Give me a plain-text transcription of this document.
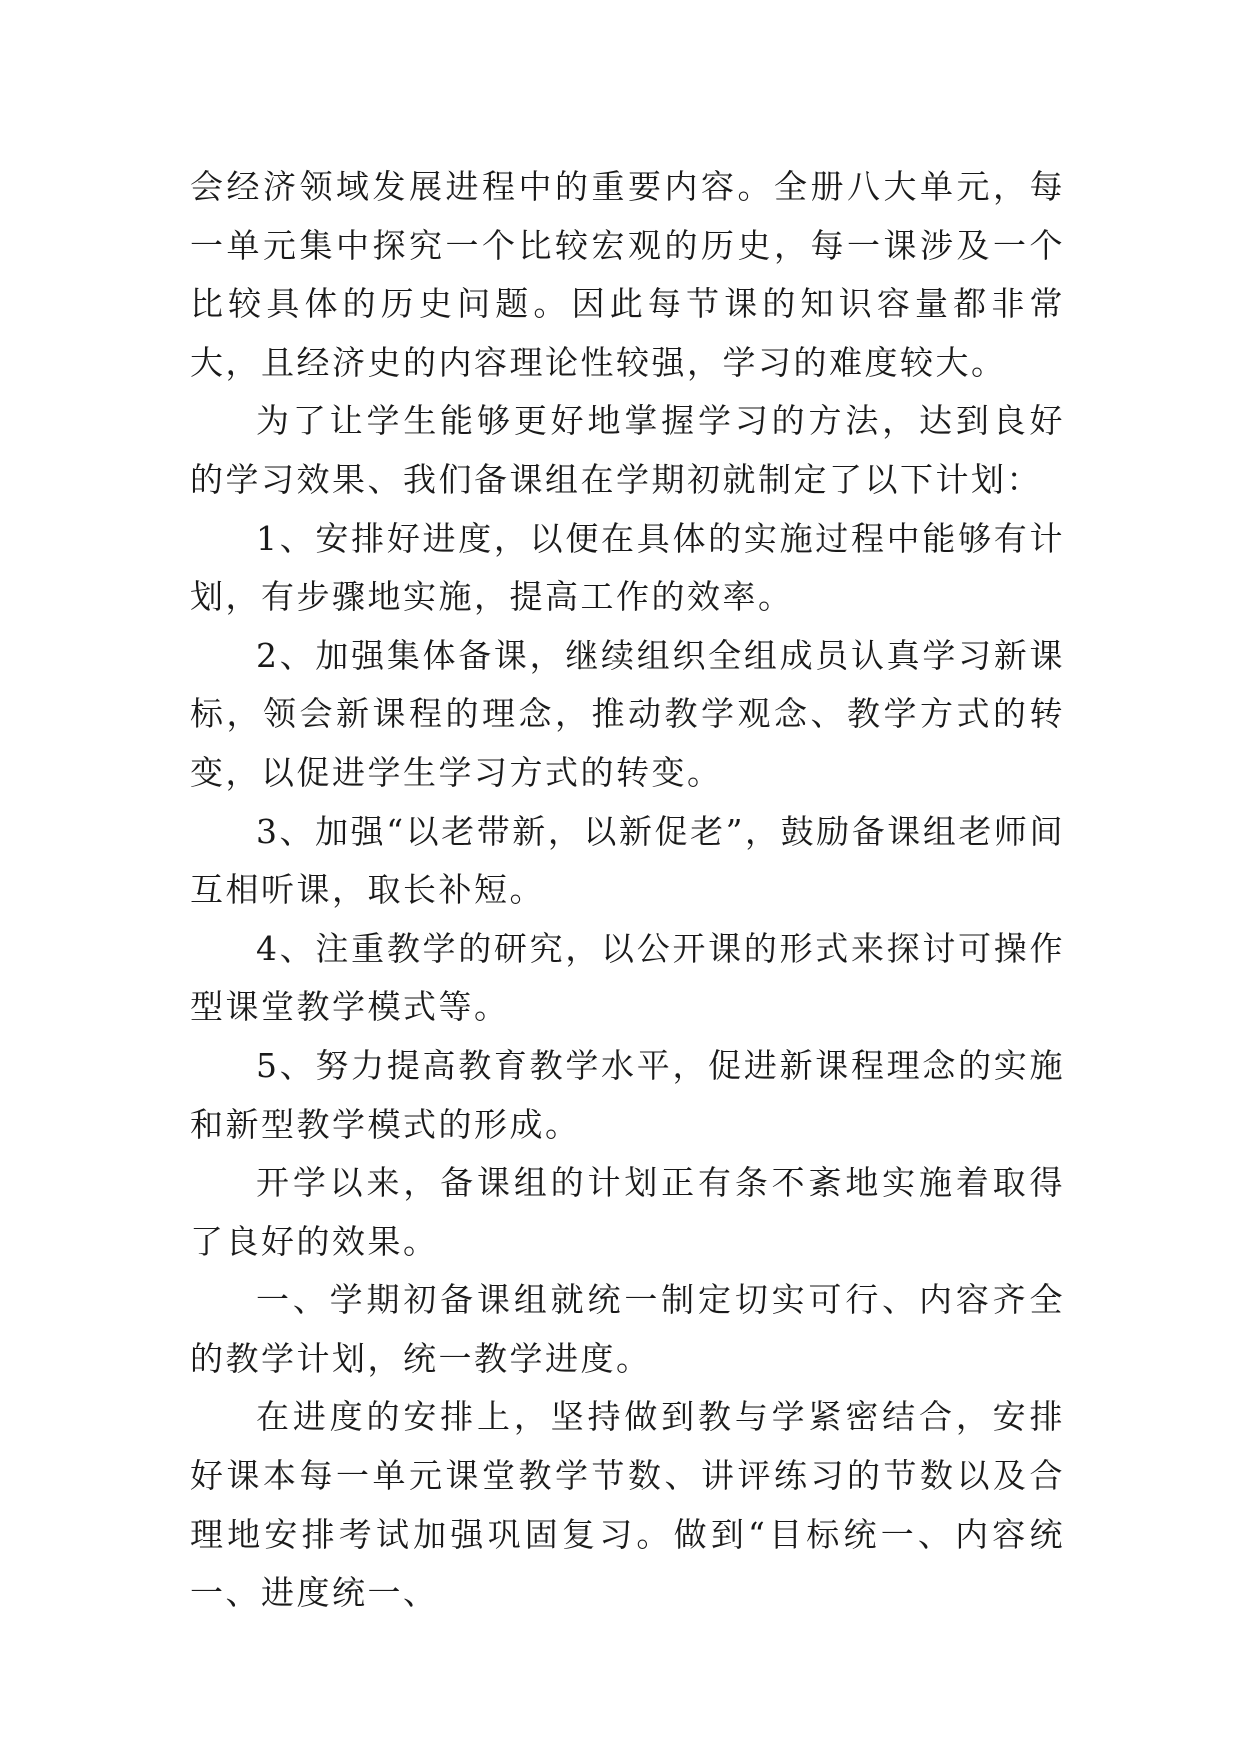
会经济领域发展进程中的重要内容。全册八大单元，每一单元集中探究一个比较宏观的历史，每一课涉及一个比较具体的历史问题。因此每节课的知识容量都非常大，且经济史的内容理论性较强，学习的难度较大。

为了让学生能够更好地掌握学习的方法，达到良好的学习效果、我们备课组在学期初就制定了以下计划：

1、安排好进度，以便在具体的实施过程中能够有计划，有步骤地实施，提高工作的效率。

2、加强集体备课，继续组织全组成员认真学习新课标，领会新课程的理念，推动教学观念、教学方式的转变，以促进学生学习方式的转变。

3、加强“以老带新，以新促老”，鼓励备课组老师间互相听课，取长补短。

4、注重教学的研究，以公开课的形式来探讨可操作型课堂教学模式等。

5、努力提高教育教学水平，促进新课程理念的实施和新型教学模式的形成。

开学以来，备课组的计划正有条不紊地实施着取得了良好的效果。

一、学期初备课组就统一制定切实可行、内容齐全的教学计划，统一教学进度。

在进度的安排上，坚持做到教与学紧密结合，安排好课本每一单元课堂教学节数、讲评练习的节数以及合理地安排考试加强巩固复习。做到“目标统一、内容统一、进度统一、
